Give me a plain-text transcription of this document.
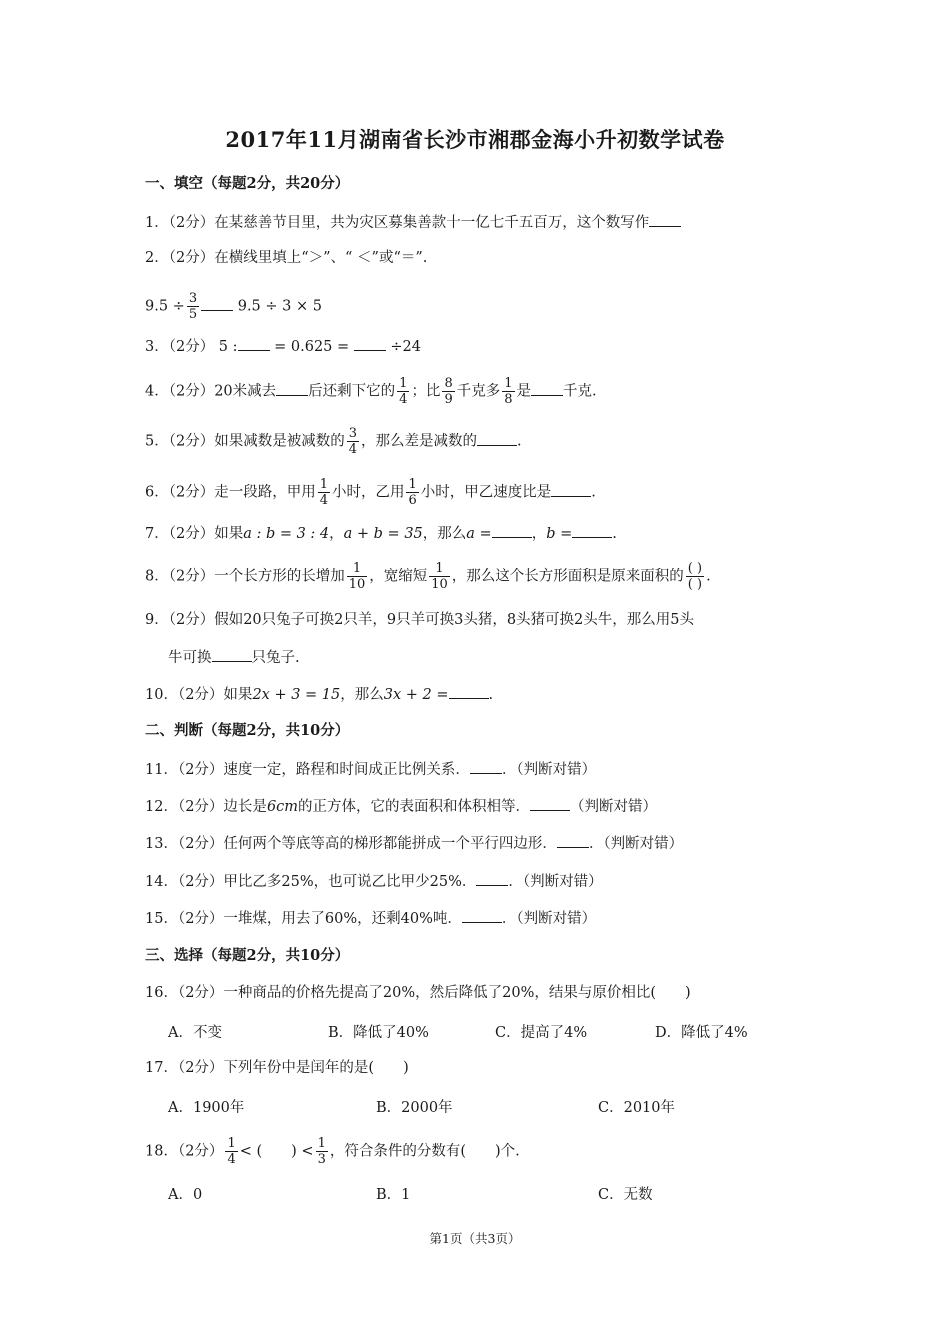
2017年11月湖南省长沙市湘郡金海小升初数学试卷
一、填空（每题2分，共20分）
1．（2分）在某慈善节目里，共为灾区募集善款十一亿七千五百万，这个数写作
2．（2分）在横线里填上“＞”、“ ＜”或“＝”.
$9.5 \div \frac{3}{5}$	9.5 ÷ 3 × 5
3．（2分） 5 :	= 0.625 =	÷24
4．（2分）20米减去 后还剩下它的 $\frac{1}{4}$ ；比 $\frac{8}{9}$ 千克多 $\frac{1}{8}$ 是 千克.
5．（2分）如果减数是被减数的 $\frac{3}{4}$ ，那么差是减数的	.
6．（2分）走一段路，甲用 $\frac{1}{4}$ 小时，乙用 $\frac{1}{6}$ 小时，甲乙速度比是	.
7．（2分）如果a : b = 3 : 4，a + b = 35，那么a =	，b =	.
8．（2分）一个长方形的长增加 $\frac{1}{10}$ ，宽缩短 $\frac{1}{10}$ ，那么这个长方形面积是原来面积的 $\frac{( )}{( )}$ .
9．（2分）假如20只兔子可换2只羊，9只羊可换3头猪，8头猪可换2头牛，那么用5头
牛可换	只兔子.
10．（2分）如果2x + 3 = 15，那么3x + 2 =	.
二、判断（每题2分，共10分）
11．（2分）速度一定，路程和时间成正比例关系． ．（判断对错）
12．（2分）边长是6cm的正方体，它的表面积和体积相等．	（判断对错）
13．（2分）任何两个等底等高的梯形都能拼成一个平行四边形． ．（判断对错）
14．（2分）甲比乙多25%，也可说乙比甲少25%． ．（判断对错）
15．（2分）一堆煤，用去了60%，还剩40%吨．	．（判断对错）
三、选择（每题2分，共10分）
16．（2分）一种商品的价格先提高了20%，然后降低了20%，结果与原价相比(　　)
A．不变	B．降低了40%	C．提高了4%	D．降低了4%
17．（2分）下列年份中是闰年的是(　　)
A．1900年	B．2000年	C．2010年
18．（2分） $\frac{1}{4}$ < (　　) < $\frac{1}{3}$ ，符合条件的分数有(　　)个.
A．0	B．1	C．无数
第1页（共3页）
